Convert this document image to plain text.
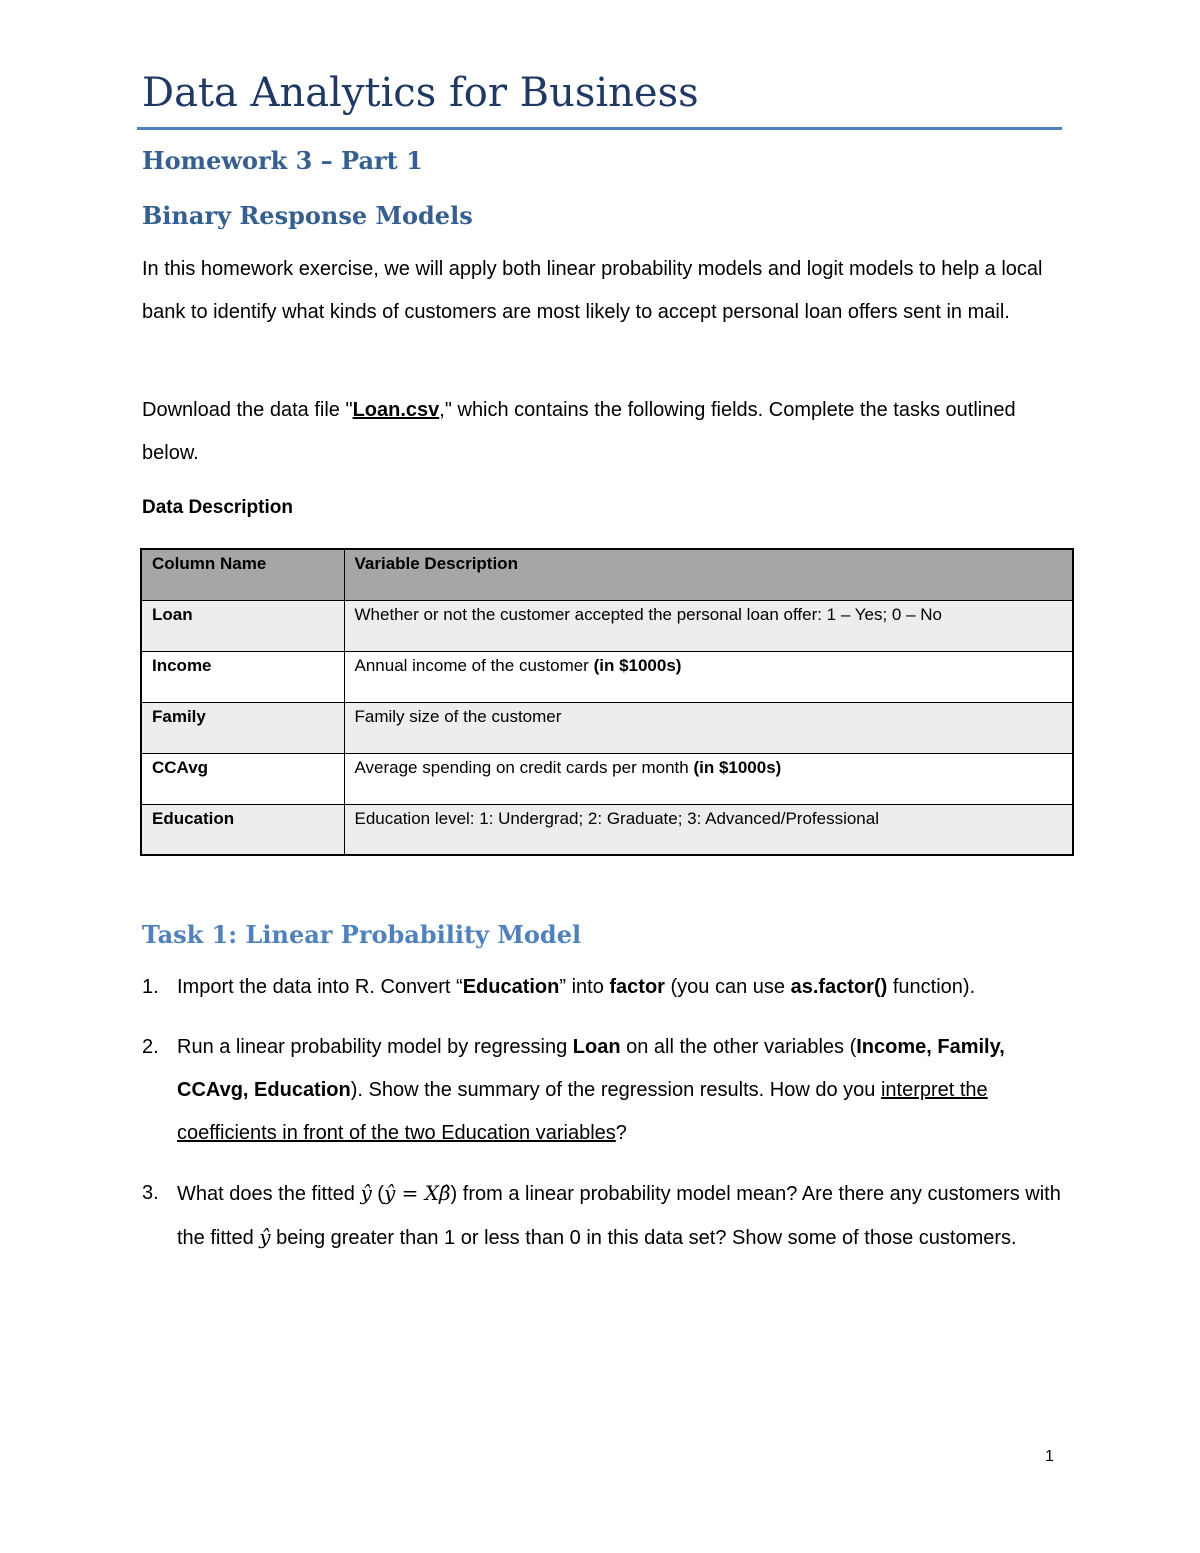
Data Analytics for Business
Homework 3 – Part 1
Binary Response Models
In this homework exercise, we will apply both linear probability models and logit models to help a local bank to identify what kinds of customers are most likely to accept personal loan offers sent in mail.
Download the data file "Loan.csv," which contains the following fields. Complete the tasks outlined below.
Data Description
Column Name	Variable Description
Loan	Whether or not the customer accepted the personal loan offer: 1 – Yes; 0 – No
Income	Annual income of the customer (in $1000s)
Family	Family size of the customer
CCAvg	Average spending on credit cards per month (in $1000s)
Education	Education level: 1: Undergrad; 2: Graduate; 3: Advanced/Professional
Task 1: Linear Probability Model
1. Import the data into R. Convert “Education” into factor (you can use as.factor() function).
2. Run a linear probability model by regressing Loan on all the other variables (Income, Family, CCAvg, Education). Show the summary of the regression results. How do you interpret the coefficients in front of the two Education variables?
3. What does the fitted ŷ (ŷ = Xβ̂) from a linear probability model mean? Are there any customers with the fitted ŷ being greater than 1 or less than 0 in this data set? Show some of those customers.
1
